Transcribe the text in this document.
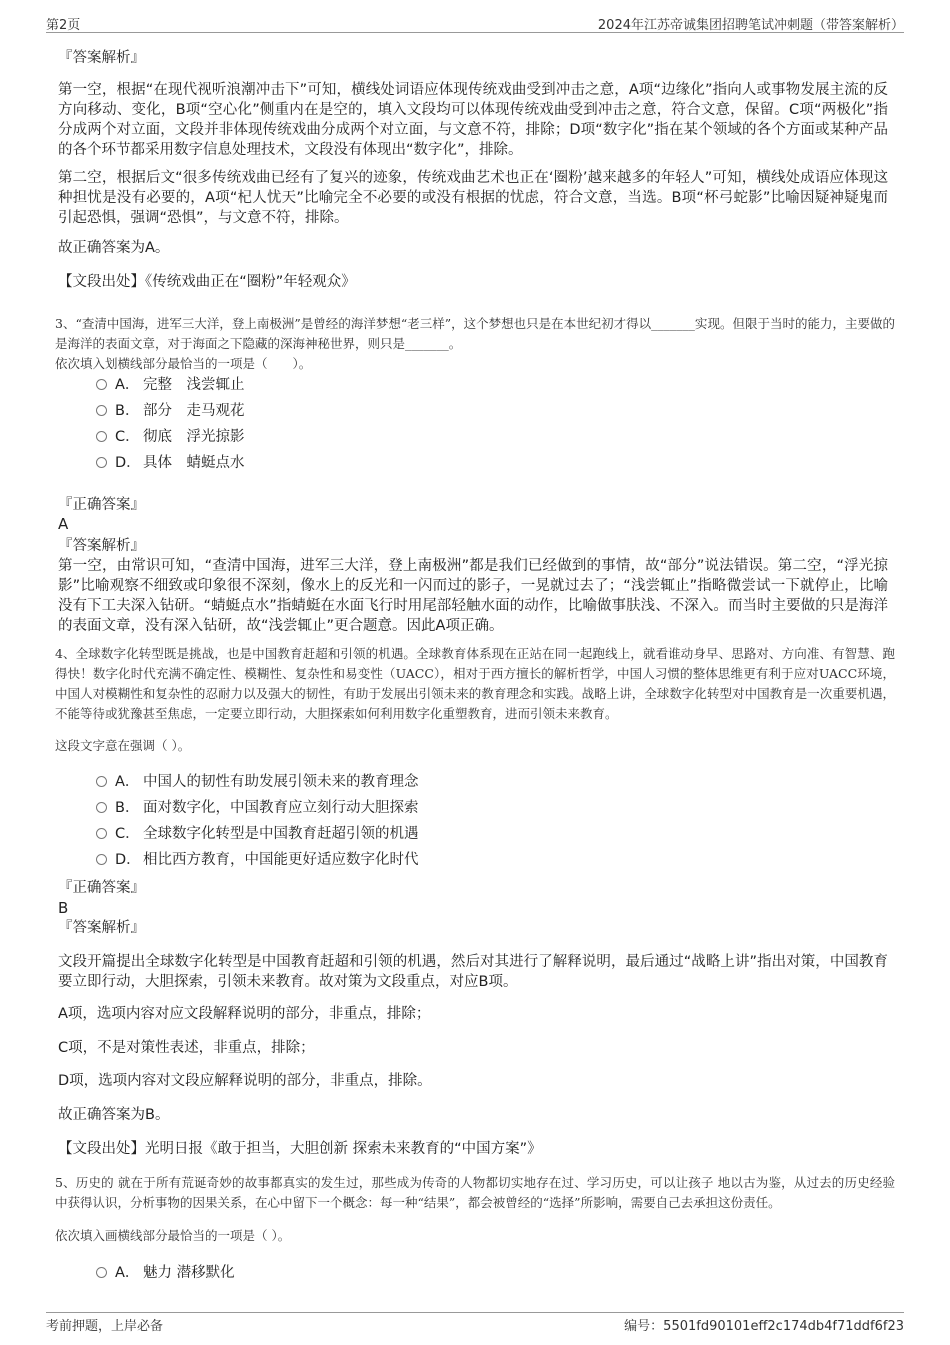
第2页	2024年江苏帝诚集团招聘笔试冲刺题（带答案解析）

『答案解析』

第一空，根据“在现代视听浪潮冲击下”可知，横线处词语应体现传统戏曲受到冲击之意，A项“边缘化”指向人或事物发展主流的反方向移动、变化，B项“空心化”侧重内在是空的，填入文段均可以体现传统戏曲受到冲击之意，符合文意，保留。C项“两极化”指分成两个对立面，文段并非体现传统戏曲分成两个对立面，与文意不符，排除；D项“数字化”指在某个领域的各个方面或某种产品的各个环节都采用数字信息处理技术，文段没有体现出“数字化”，排除。

第二空，根据后文“很多传统戏曲已经有了复兴的迹象，传统戏曲艺术也正在‘圈粉’越来越多的年轻人”可知，横线处成语应体现这种担忧是没有必要的，A项“杞人忧天”比喻完全不必要的或没有根据的忧虑，符合文意，当选。B项“杯弓蛇影”比喻因疑神疑鬼而引起恐惧，强调“恐惧”，与文意不符，排除。

故正确答案为A。

【文段出处】《传统戏曲正在“圈粉”年轻观众》

3、“查清中国海，进军三大洋，登上南极洲”是曾经的海洋梦想“老三样”，这个梦想也只是在本世纪初才得以_______实现。但限于当时的能力，主要做的是海洋的表面文章，对于海面之下隐藏的深海神秘世界，则只是_______。

依次填入划横线部分最恰当的一项是（　　）。

A． 完整　浅尝辄止
B． 部分　走马观花
C． 彻底　浮光掠影
D． 具体　蜻蜓点水

『正确答案』

A

『答案解析』

第一空，由常识可知，“查清中国海，进军三大洋，登上南极洲”都是我们已经做到的事情，故“部分”说法错误。第二空，“浮光掠影”比喻观察不细致或印象很不深刻，像水上的反光和一闪而过的影子，一晃就过去了；“浅尝辄止”指略微尝试一下就停止，比喻没有下工夫深入钻研。“蜻蜓点水”指蜻蜓在水面飞行时用尾部轻触水面的动作，比喻做事肤浅、不深入。而当时主要做的只是海洋的表面文章，没有深入钻研，故“浅尝辄止”更合题意。因此A项正确。

4、全球数字化转型既是挑战，也是中国教育赶超和引领的机遇。全球教育体系现在正站在同一起跑线上，就看谁动身早、思路对、方向准、有智慧、跑得快！数字化时代充满不确定性、模糊性、复杂性和易变性（UACC），相对于西方擅长的解析哲学，中国人习惯的整体思维更有利于应对UACC环境，中国人对模糊性和复杂性的忍耐力以及强大的韧性，有助于发展出引领未来的教育理念和实践。战略上讲，全球数字化转型对中国教育是一次重要机遇，不能等待或犹豫甚至焦虑，一定要立即行动，大胆探索如何利用数字化重塑教育，进而引领未来教育。

这段文字意在强调（ ）。

A． 中国人的韧性有助发展引领未来的教育理念
B． 面对数字化，中国教育应立刻行动大胆探索
C． 全球数字化转型是中国教育赶超引领的机遇
D． 相比西方教育，中国能更好适应数字化时代

『正确答案』

B

『答案解析』

文段开篇提出全球数字化转型是中国教育赶超和引领的机遇，然后对其进行了解释说明，最后通过“战略上讲”指出对策，中国教育要立即行动，大胆探索，引领未来教育。故对策为文段重点，对应B项。

A项，选项内容对应文段解释说明的部分，非重点，排除；

C项，不是对策性表述，非重点，排除；

D项，选项内容对文段应解释说明的部分，非重点，排除。

故正确答案为B。

【文段出处】光明日报《敢于担当，大胆创新 探索未来教育的“中国方案”》

5、历史的 就在于所有荒诞奇妙的故事都真实的发生过，那些成为传奇的人物都切实地存在过、学习历史，可以让孩子 地以古为鉴，从过去的历史经验中获得认识，分析事物的因果关系，在心中留下一个概念：每一种“结果”，都会被曾经的“选择”所影响，需要自己去承担这份责任。

依次填入画横线部分最恰当的一项是（ ）。

A． 魅力 潜移默化
考前押题，上岸必备	编号：5501fd90101eff2c174db4f71ddf6f23
